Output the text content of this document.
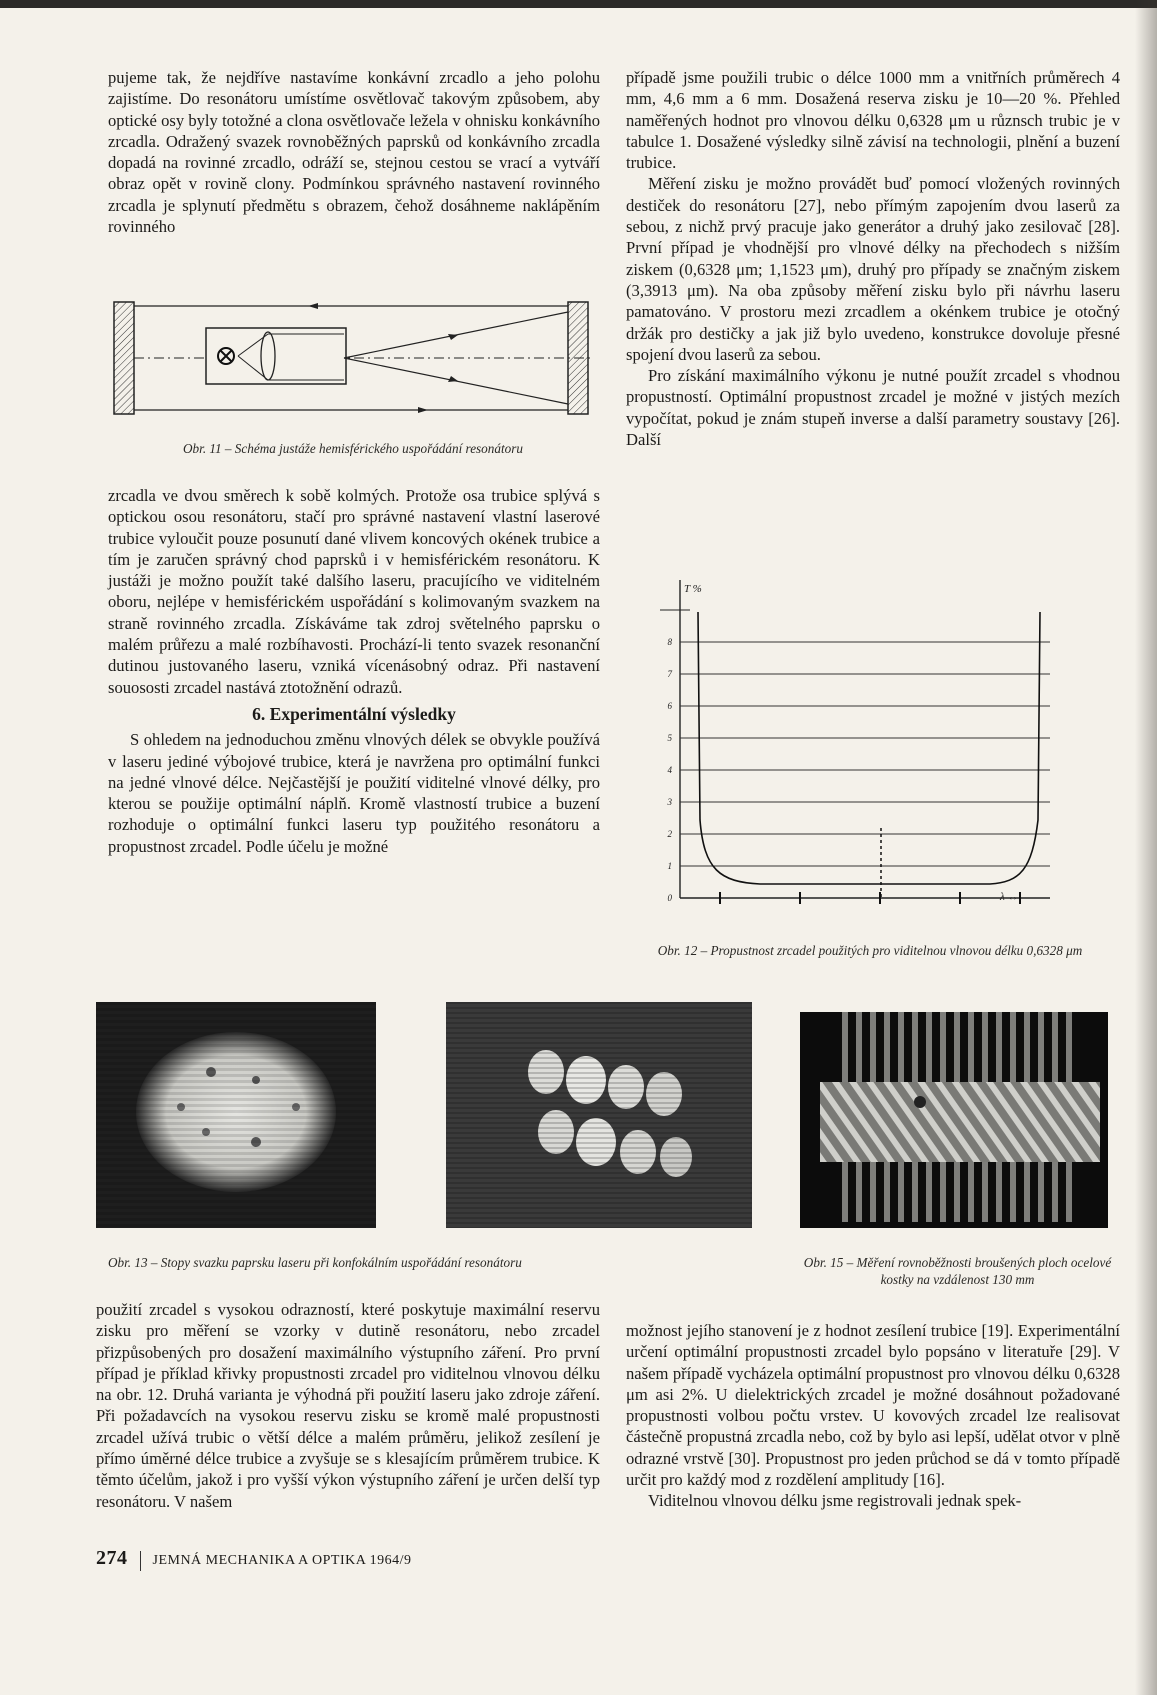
pujeme tak, že nejdříve nastavíme konkávní zrcadlo a jeho polohu zajistíme. Do resonátoru umístíme osvětlovač takovým způsobem, aby optické osy byly totožné a clona osvětlovače ležela v ohnisku konkávního zrcadla. Odražený svazek rovnoběžných paprsků od konkávního zrcadla dopadá na rovinné zrcadlo, odráží se, stejnou cestou se vrací a vytváří obraz opět v rovině clony. Podmínkou správného nastavení rovinného zrcadla je splynutí předmětu s obrazem, čehož dosáhneme naklápěním rovinného

Obr. 11 – Schéma justáže hemisférického uspořádání resonátoru

zrcadla ve dvou směrech k sobě kolmých. Protože osa trubice splývá s optickou osou resonátoru, stačí pro správné nastavení vlastní laserové trubice vyloučit pouze posunutí dané vlivem koncových okének trubice a tím je zaručen správný chod paprsků i v hemisférickém resonátoru. K justáži je možno použít také dalšího laseru, pracujícího ve viditelném oboru, nejlépe v hemisférickém uspořádání s kolimovaným svazkem na straně rovinného zrcadla. Získáváme tak zdroj světelného paprsku o malém průřezu a malé rozbíhavosti. Prochází-li tento svazek resonanční dutinou justovaného laseru, vzniká vícenásobný odraz. Při nastavení souososti zrcadel nastává ztotožnění odrazů.

6. Experimentální výsledky

S ohledem na jednoduchou změnu vlnových délek se obvykle používá v laseru jediné výbojové trubice, která je navržena pro optimální funkci na jedné vlnové délce. Nejčastější je použití viditelné vlnové délky, pro kterou se použije optimální náplň. Kromě vlastností trubice a buzení rozhoduje o optimální funkci laseru typ použitého resonátoru a propustnost zrcadel. Podle účelu je možné

případě jsme použili trubic o délce 1000 mm a vnitřních průměrech 4 mm, 4,6 mm a 6 mm. Dosažená reserva zisku je 10—20 %. Přehled naměřených hodnot pro vlnovou délku 0,6328 μm u různsch trubic je v tabulce 1. Dosažené výsledky silně závisí na technologii, plnění a buzení trubice.

Měření zisku je možno provádět buď pomocí vložených rovinných destiček do resonátoru [27], nebo přímým zapojením dvou laserů za sebou, z nichž prvý pracuje jako generátor a druhý jako zesilovač [28]. První případ je vhodnější pro vlnové délky na přechodech s nižším ziskem (0,6328 μm; 1,1523 μm), druhý pro případy se značným ziskem (3,3913 μm). Na oba způsoby měření zisku bylo při návrhu laseru pamatováno. V prostoru mezi zrcadlem a okénkem trubice je otočný držák pro destičky a jak již bylo uvedeno, konstrukce dovoluje přesné spojení dvou laserů za sebou.

Pro získání maximálního výkonu je nutné použít zrcadel s vhodnou propustností. Optimální propustnost zrcadel je možné v jistých mezích vypočítat, pokud je znám stupeň inverse a další parametry soustavy [26]. Další

0
1
2
3
4
5
6
7
8
T %
λ ↔
Obr. 12 – Propustnost zrcadel použitých pro viditelnou vlnovou délku 0,6328 μm
Obr. 13 – Stopy svazku paprsku laseru při konfokálním uspořádání resonátoru	Obr. 15 – Měření rovnoběžnosti broušených ploch ocelové kostky na vzdálenost 130 mm

použití zrcadel s vysokou odrazností, které poskytuje maximální reservu zisku pro měření se vzorky v dutině resonátoru, nebo zrcadel přizpůsobených pro dosažení maximálního výstupního záření. Pro první případ je příklad křivky propustnosti zrcadel pro viditelnou vlnovou délku na obr. 12. Druhá varianta je výhodná při použití laseru jako zdroje záření. Při požadavcích na vysokou reservu zisku se kromě malé propustnosti zrcadel užívá trubic o větší délce a malém průměru, jelikož zesílení je přímo úměrné délce trubice a zvyšuje se s klesajícím průměrem trubice. K těmto účelům, jakož i pro vyšší výkon výstupního záření je určen delší typ resonátoru. V našem

možnost jejího stanovení je z hodnot zesílení trubice [19]. Experimentální určení optimální propustnosti zrcadel bylo popsáno v literatuře [29]. V našem případě vycházela optimální propustnost pro vlnovou délku 0,6328 μm asi 2%. U dielektrických zrcadel je možné dosáhnout požadované propustnosti volbou počtu vrstev. U kovových zrcadel lze realisovat částečně propustná zrcadla nebo, což by bylo asi lepší, udělat otvor v plně odrazné vrstvě [30]. Propustnost pro jeden průchod se dá v tomto případě určit pro každý mod z rozdělení amplitudy [16].

Viditelnou vlnovou délku jsme registrovali jednak spek-

274 JEMNÁ MECHANIKA A OPTIKA 1964/9
